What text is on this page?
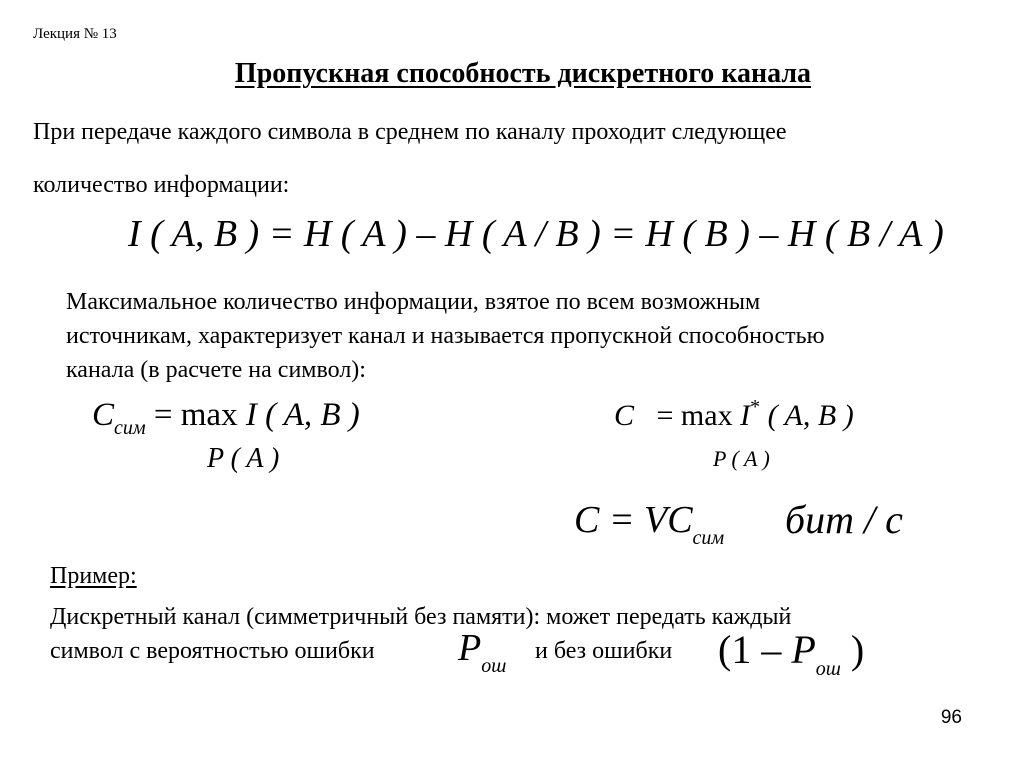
Лекция № 13
Пропускная способность дискретного канала
При передаче каждого символа в среднем по каналу проходит следующее
количество информации:
I ( A, B ) = H ( A ) – H ( A / B ) = H ( B ) – H ( B / A )
Максимальное количество информации, взятое по всем возможным
источникам, характеризует канал и называется пропускной способностью
канала (в расчете на символ):
$C_{сим} = \max I$ ( A, B )
P ( A )
C = max I* ( A, B )
P ( A )
$C = VC_{сим}$ бит / с
Пример:
Дискретный канал (симметричный без памяти): может передать каждый
символ с вероятностью ошибки $P_{ош}$
и без ошибки ($1 - P_{ош}$ )
96
